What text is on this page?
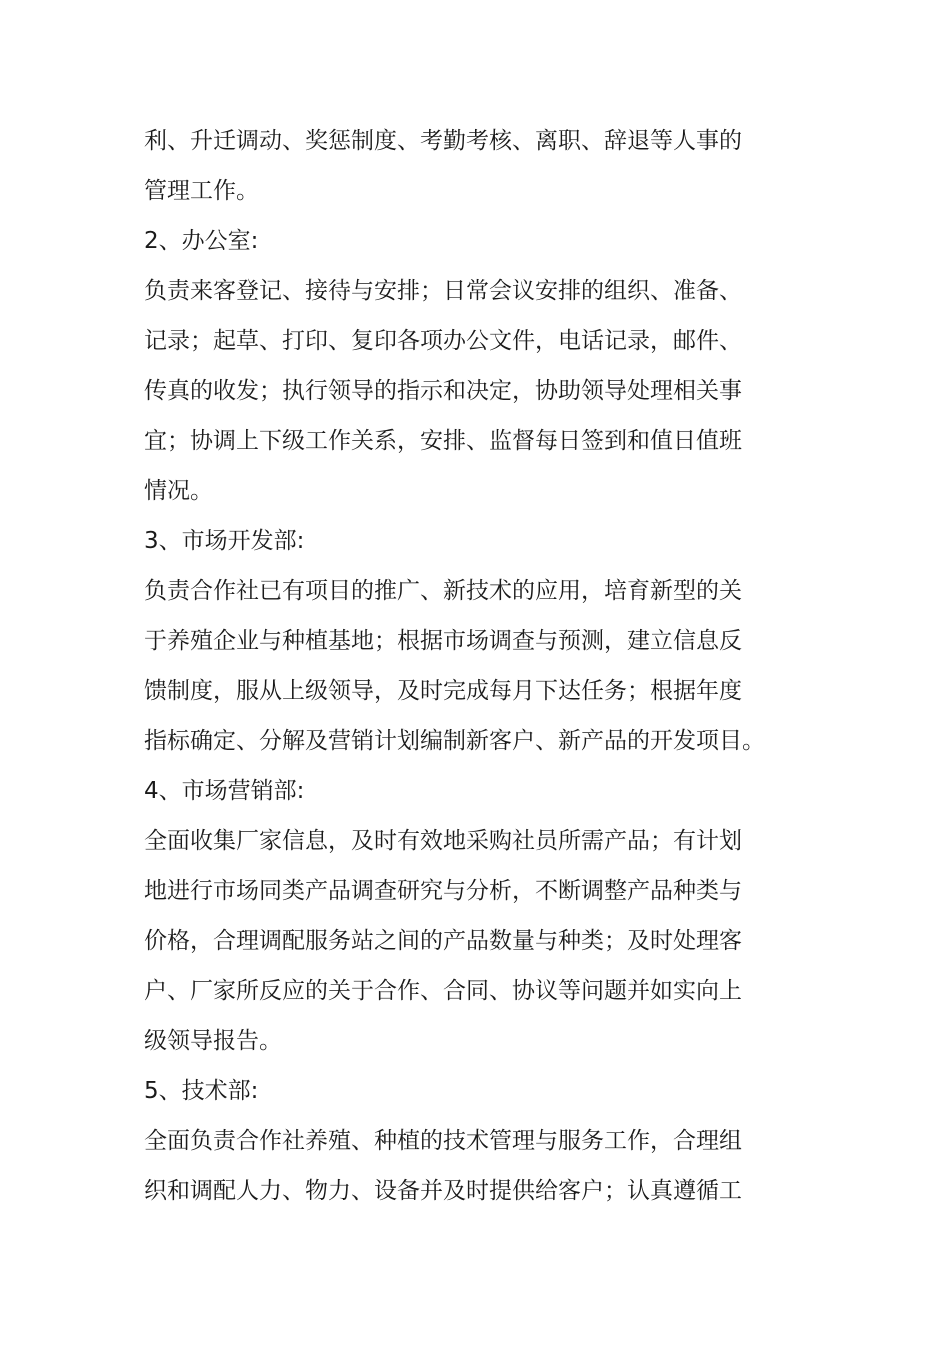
利、升迁调动、奖惩制度、考勤考核、离职、辞退等人事的
管理工作。
2、办公室:
负责来客登记、接待与安排；日常会议安排的组织、准备、
记录；起草、打印、复印各项办公文件，电话记录，邮件、
传真的收发；执行领导的指示和决定，协助领导处理相关事
宜；协调上下级工作关系，安排、监督每日签到和值日值班
情况。
3、市场开发部:
负责合作社已有项目的推广、新技术的应用，培育新型的关
于养殖企业与种植基地；根据市场调查与预测，建立信息反
馈制度，服从上级领导，及时完成每月下达任务；根据年度
指标确定、分解及营销计划编制新客户、新产品的开发项目。
4、市场营销部:
全面收集厂家信息，及时有效地采购社员所需产品；有计划
地进行市场同类产品调查研究与分析，不断调整产品种类与
价格，合理调配服务站之间的产品数量与种类；及时处理客
户、厂家所反应的关于合作、合同、协议等问题并如实向上
级领导报告。
5、技术部:
全面负责合作社养殖、种植的技术管理与服务工作，合理组
织和调配人力、物力、设备并及时提供给客户；认真遵循工
